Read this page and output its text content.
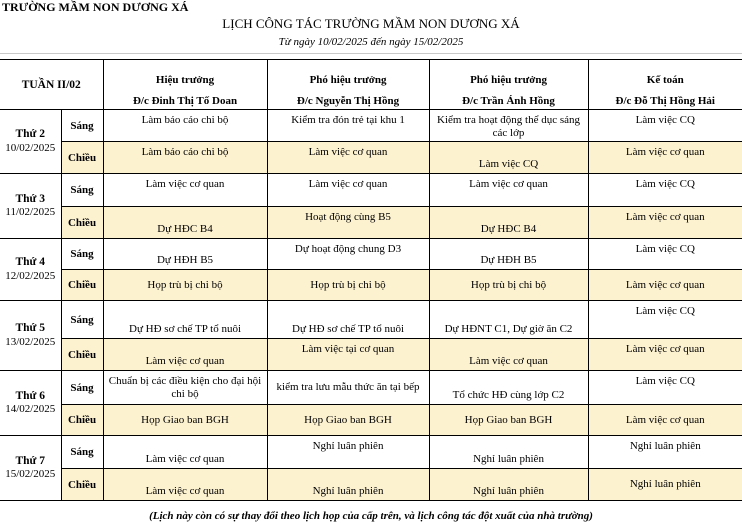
TRƯỜNG MẦM NON DƯƠNG XÁ
LỊCH CÔNG TÁC TRƯỜNG MẦM NON DƯƠNG XÁ
Từ ngày 10/02/2025 đến ngày 15/02/2025
TUẦN II/02		Hiệu trưởng	Phó hiệu trưởng	Phó hiệu trưởng	Kế toán
		Đ/c Đinh Thị Tố Doan	Đ/c Nguyễn Thị Hồng	Đ/c Trần Ánh Hồng	Đ/c Đỗ Thị Hồng Hải

Thứ 2
10/02/2025	Sáng	Làm báo cáo chi bộ	Kiểm tra đón trẻ tại khu 1	Kiểm tra hoạt động thể dục sáng các lớp	Làm việc CQ
	Chiều	Làm báo cáo chi bộ	Làm việc cơ quan	Làm việc CQ	Làm việc cơ quan

Thứ 3
11/02/2025	Sáng	Làm việc cơ quan	Làm việc cơ quan	Làm việc cơ quan	Làm việc CQ
	Chiều	Dự HĐC B4	Hoạt động cùng B5	Dự HĐC B4	Làm việc cơ quan

Thứ 4
12/02/2025	Sáng	Dự HĐH B5	Dự hoạt động chung D3	Dự HĐH B5	Làm việc CQ
	Chiều	Họp trù bị chi bộ	Họp trù bị chi bộ	Họp trù bị chi bộ	Làm việc cơ quan

Thứ 5
13/02/2025	Sáng	Dự HĐ sơ chế TP tổ nuôi	Dự HĐ sơ chế TP tổ nuôi	Dự HĐNT C1, Dự giờ ăn C2	Làm việc CQ
	Chiều	Làm việc cơ quan	Làm việc tại cơ quan	Làm việc cơ quan	Làm việc cơ quan

Thứ 6
14/02/2025	Sáng	Chuẩn bị các điều kiện cho đại hội chi bộ	kiểm tra lưu mẫu thức ăn tại bếp	Tổ chức HĐ cùng lớp C2	Làm việc CQ
	Chiều	Họp Giao ban BGH	Họp Giao ban BGH	Họp Giao ban BGH	Làm việc cơ quan

Thứ 7
15/02/2025	Sáng	Làm việc cơ quan	Nghỉ luân phiên	Nghỉ luân phiên	Nghỉ luân phiên
	Chiều	Làm việc cơ quan	Nghỉ luân phiên	Nghỉ luân phiên	Nghỉ luân phiên
(Lịch này còn có sự thay đổi theo lịch họp của cấp trên, và lịch công tác đột xuất của nhà trường)
